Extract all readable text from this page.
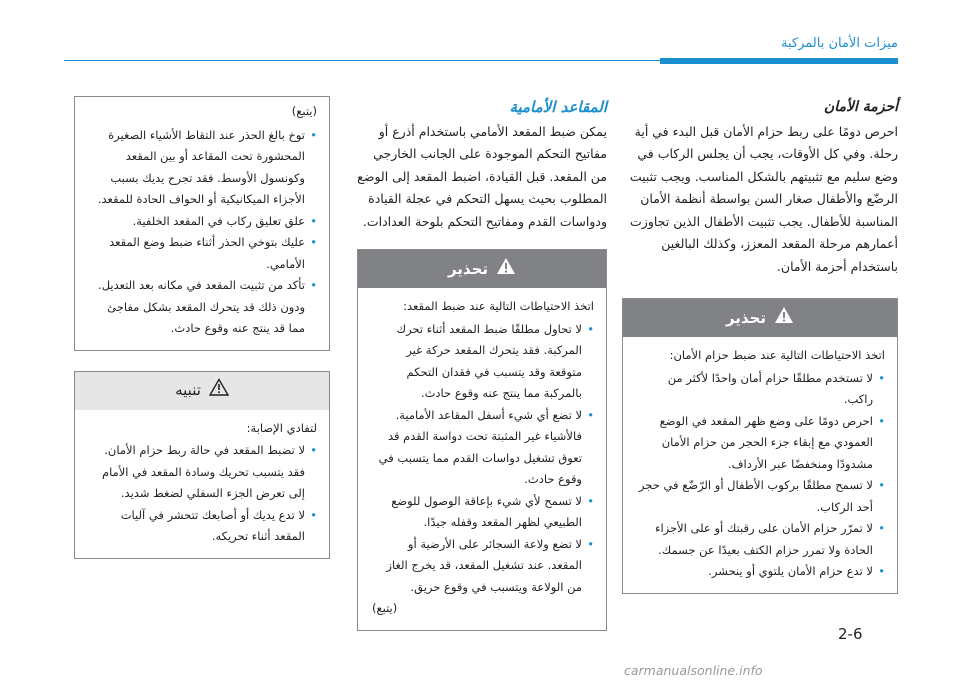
ميزات الأمان بالمركبة
أحزمة الأمان

احرص دومًا على ربط حزام الأمان قبل البدء في أية رحلة. وفي كل الأوقات، يجب أن يجلس الركاب في وضع سليم مع تثبيتهم بالشكل المناسب. ويجب تثبيت الرضّع والأطفال صغار السن بواسطة أنظمة الأمان المناسبة للأطفال. يجب تثبيت الأطفال الذين تجاوزت أعمارهم مرحلة المقعد المعزز، وكذلك البالغين باستخدام أحزمة الأمان.

تحذير

اتخذ الاحتياطات التالية عند ضبط حزام الأمان:

• لا تستخدم مطلقًا حزام أمان واحدًا لأكثر من راكب.
• احرص دومًا على وضع ظهر المقعد في الوضع العمودي مع إبقاء جزء الحجر من حزام الأمان مشدودًا ومنخفضًا عبر الأرداف.
• لا تسمح مطلقًا بركوب الأطفال أو الرّضّع في حجر أحد الركاب.
• لا تمرّر حزام الأمان على رقبتك أو على الأجزاء الحادة ولا تمرر حزام الكتف بعيدًا عن جسمك.
• لا تدع حزام الأمان يلتوي أو ينحشر.
المقاعد الأمامية

يمكن ضبط المقعد الأمامي باستخدام أذرع أو مفاتيح التحكم الموجودة على الجانب الخارجي من المقعد. قبل القيادة، اضبط المقعد إلى الوضع المطلوب بحيث يسهل التحكم في عجلة القيادة ودواسات القدم ومفاتيح التحكم بلوحة العدادات.

تحذير

اتخذ الاحتياطات التالية عند ضبط المقعد:

• لا تحاول مطلقًا ضبط المقعد أثناء تحرك المركبة. فقد يتحرك المقعد حركة غير متوقعة وقد يتسبب في فقدان التحكم بالمركبة مما ينتج عنه وقوع حادث.
• لا تضع أي شيء أسفل المقاعد الأمامية. فالأشياء غير المثبتة تحت دواسة القدم قد تعوق تشغيل دواسات القدم مما يتسبب في وقوع حادث.
• لا تسمح لأي شيء بإعاقة الوصول للوضع الطبيعي لظهر المقعد وقفله جيدًا.
• لا تضع ولاعة السجائر على الأرضية أو المقعد. عند تشغيل المقعد، قد يخرج الغاز من الولاعة ويتسبب في وقوع حريق.
(يتبع)
(يتبع)
• توخ بالغ الحذر عند التقاط الأشياء الصغيرة المحشورة تحت المقاعد أو بين المقعد وكونسول الأوسط. فقد تجرح يديك بسبب الأجزاء الميكانيكية أو الحواف الحادة للمقعد.
• علق تعليق ركاب في المقعد الخلفية.
• عليك بتوخي الحذر أثناء ضبط وضع المقعد الأمامي.
• تأكد من تثبيت المقعد في مكانه بعد التعديل. ودون ذلك قد يتحرك المقعد بشكل مفاجئ مما قد ينتج عنه وقوع حادث.
تنبيه

لتفادي الإصابة:

• لا تضبط المقعد في حالة ربط حزام الأمان. فقد يتسبب تحريك وسادة المقعد في الأمام إلى تعرض الجزء السفلي لضغط شديد.
• لا تدع يديك أو أصابعك تتحشر في آليات المقعد أثناء تحريكه.
2-6
carmanualsonline.info
